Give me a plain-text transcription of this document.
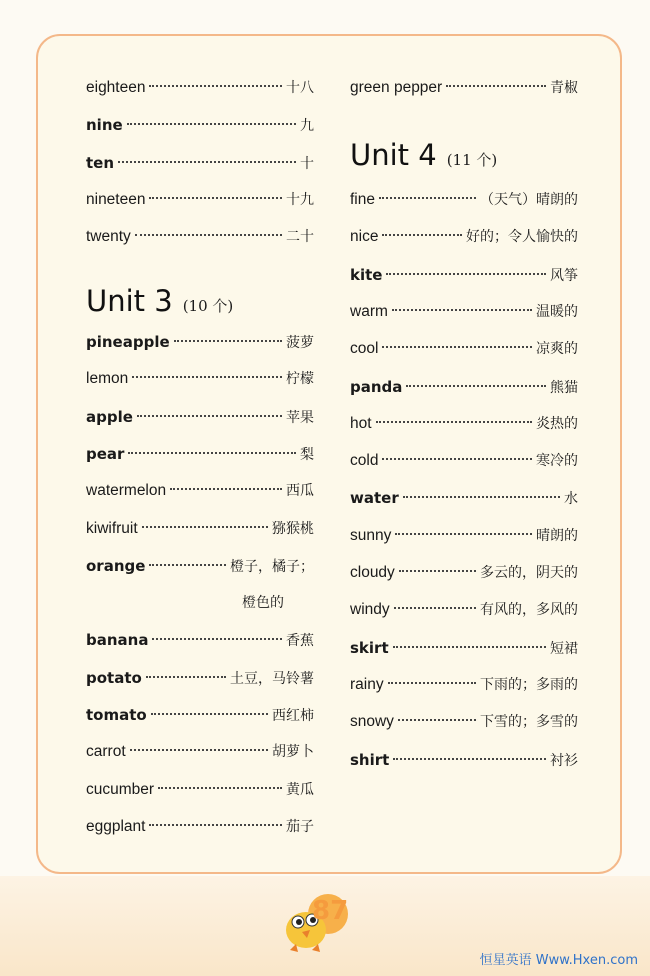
eighteen	十八
nine	九
ten	十
nineteen	十九
twenty	二十
Unit 3 (10 个)
pineapple	菠萝
lemon	柠檬
apple	苹果
pear	梨
watermelon	西瓜
kiwifruit	猕猴桃
orange	橙子，橘子；
橙色的
banana	香蕉
potato	土豆，马铃薯
tomato	西红柿
carrot	胡萝卜
cucumber	黄瓜
eggplant	茄子
green pepper	青椒
Unit 4 (11 个)
fine	（天气）晴朗的
nice	好的；令人愉快的
kite	风筝
warm	温暖的
cool	凉爽的
panda	熊猫
hot	炎热的
cold	寒冷的
water	水
sunny	晴朗的
cloudy	多云的，阴天的
windy	有风的，多风的
skirt	短裙
rainy	下雨的；多雨的
snowy	下雪的；多雪的
shirt	衬衫
87
恒星英语 Www.Hxen.com
